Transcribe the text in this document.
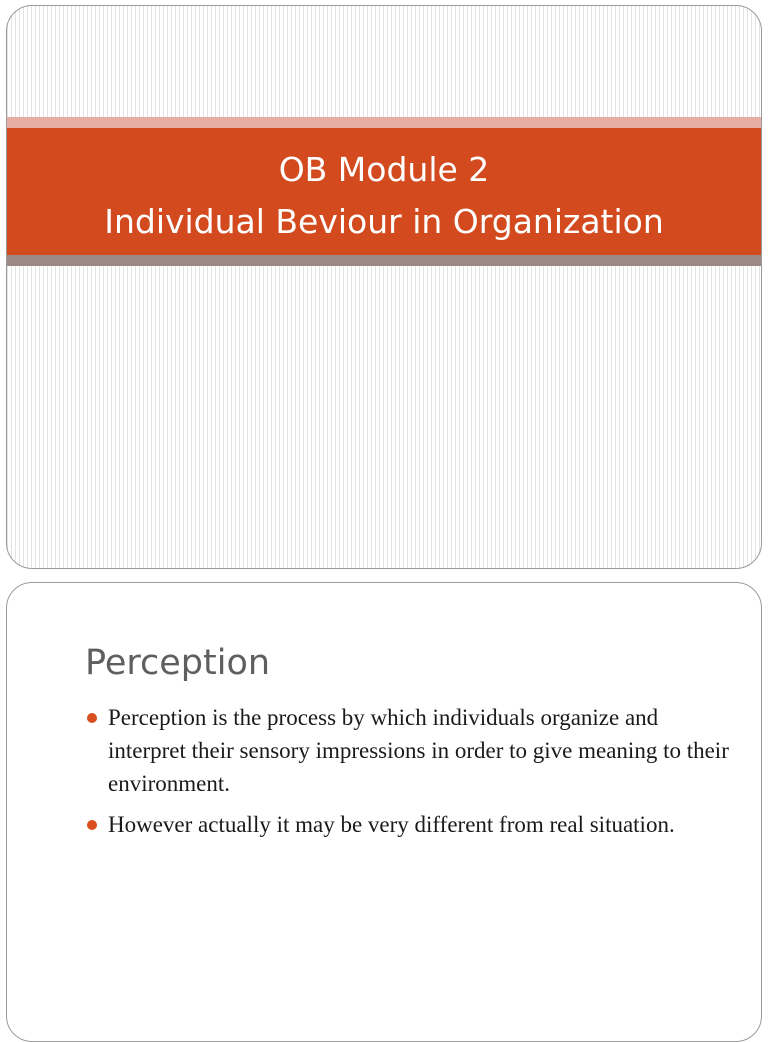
OB Module 2
Individual Beviour in Organization
Perception
Perception is the process by which individuals organize and interpret their sensory impressions in order to give meaning to their environment.
However actually it may be very different from real situation.
